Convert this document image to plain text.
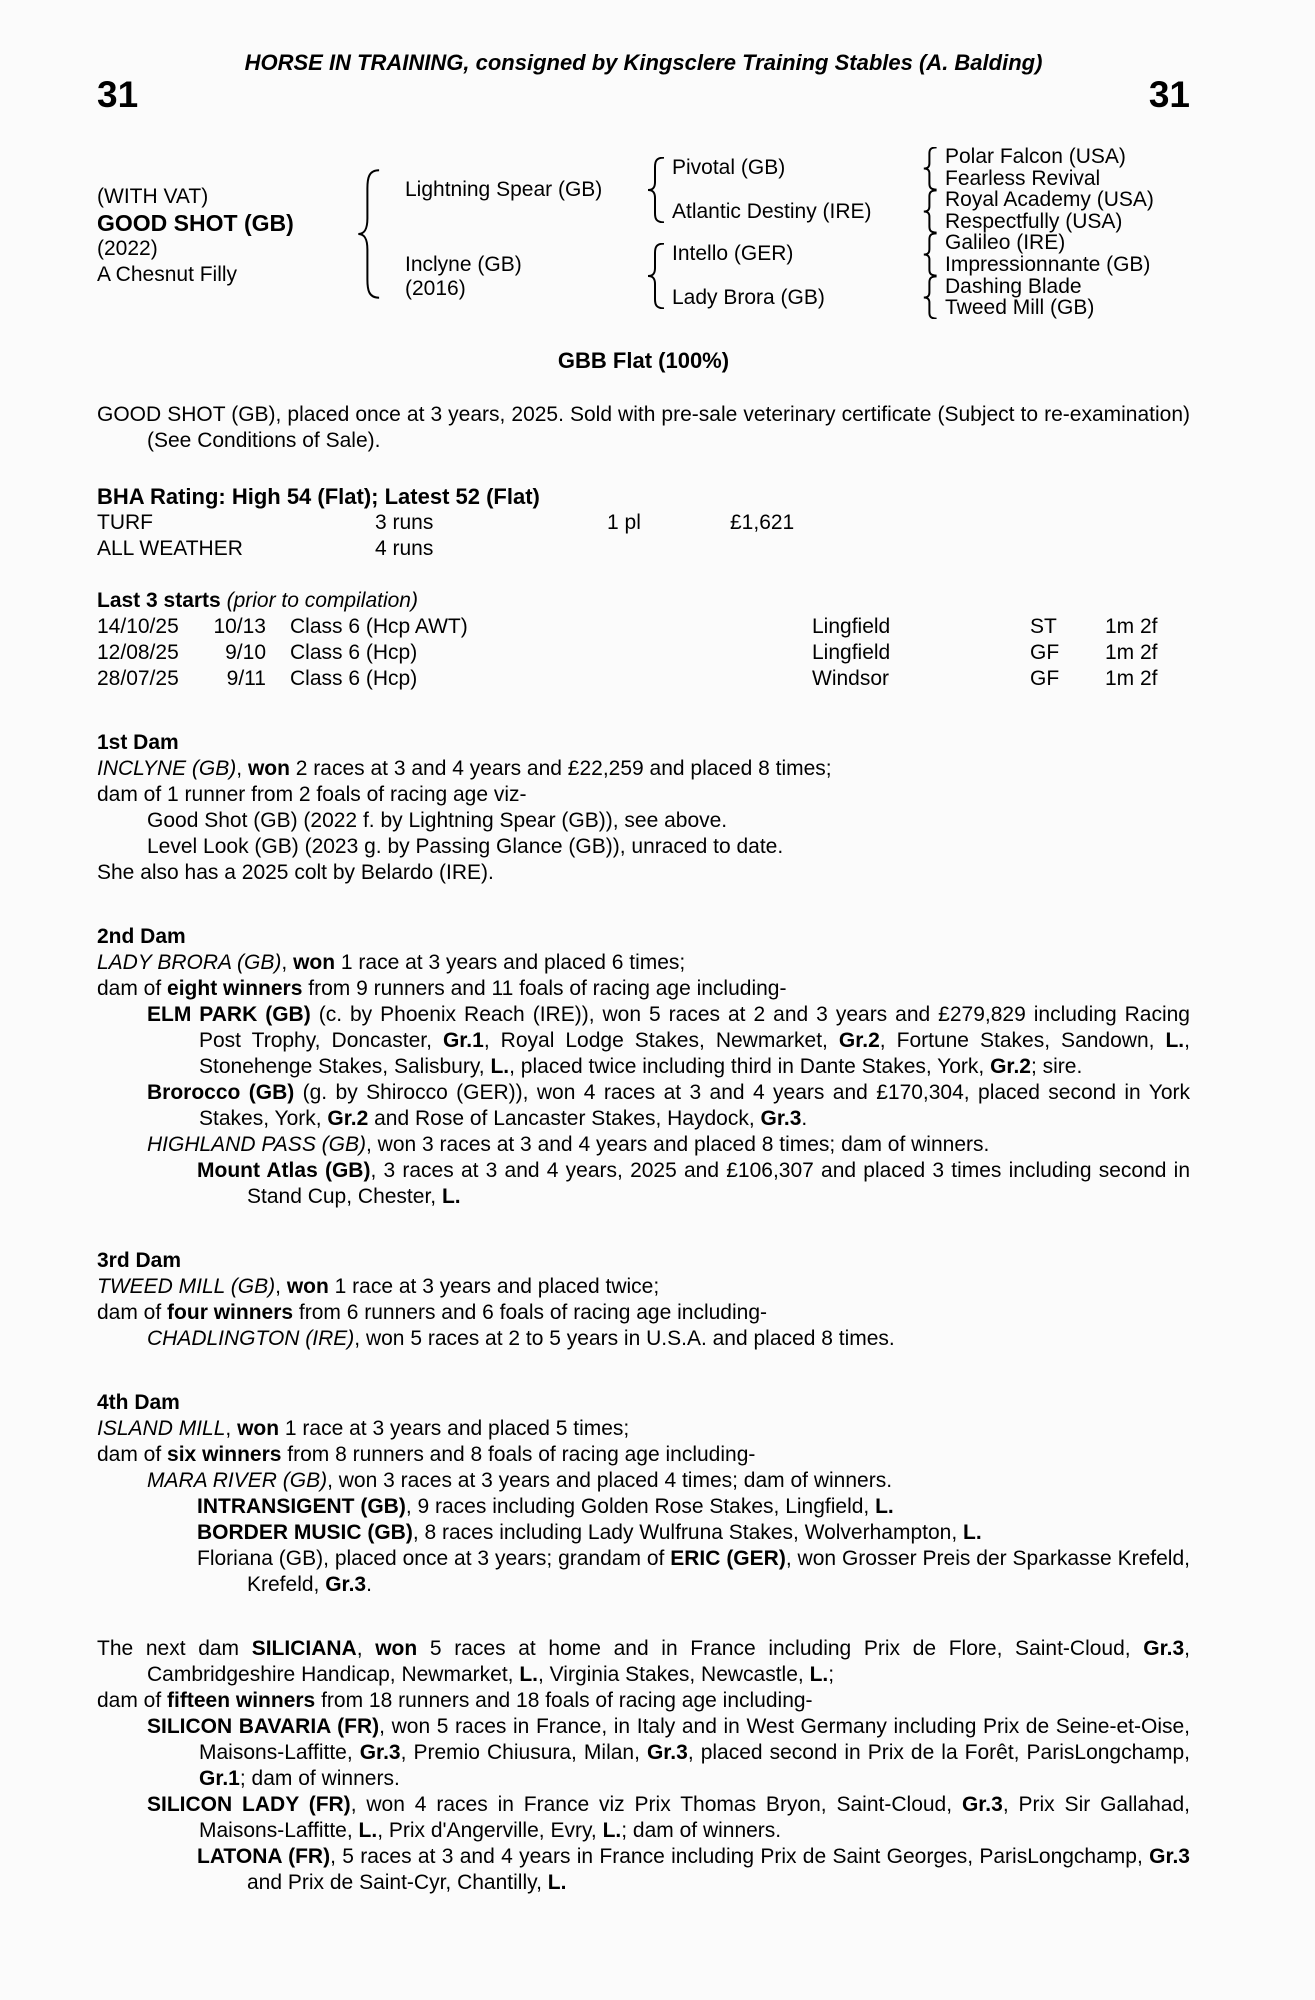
HORSE IN TRAINING, consigned by Kingsclere Training Stables (A. Balding)
31	31
(WITH VAT)
GOOD SHOT (GB)
(2022)
A Chesnut Filly
Lightning Spear (GB)
Inclyne (GB)
(2016)
Pivotal (GB)
Atlantic Destiny (IRE)
Intello (GER)
Lady Brora (GB)
Polar Falcon (USA)
Fearless Revival
Royal Academy (USA)
Respectfully (USA)
Galileo (IRE)
Impressionnante (GB)
Dashing Blade
Tweed Mill (GB)
GBB Flat (100%)

GOOD SHOT (GB), placed once at 3 years, 2025. Sold with pre-sale veterinary certificate (Subject to re-examination) (See Conditions of Sale).

BHA Rating: High 54 (Flat); Latest 52 (Flat)
TURF	3 runs	1 pl	£1,621
ALL WEATHER	4 runs
Last 3 starts (prior to compilation)
14/10/25	10/13	Class 6 (Hcp AWT)	Lingfield	ST	1m 2f
12/08/25	9/10	Class 6 (Hcp)	Lingfield	GF	1m 2f
28/07/25	9/11	Class 6 (Hcp)	Windsor	GF	1m 2f
1st Dam

INCLYNE (GB), won 2 races at 3 and 4 years and £22,259 and placed 8 times;

dam of 1 runner from 2 foals of racing age viz-

Good Shot (GB) (2022 f. by Lightning Spear (GB)), see above.

Level Look (GB) (2023 g. by Passing Glance (GB)), unraced to date.

She also has a 2025 colt by Belardo (IRE).

2nd Dam

LADY BRORA (GB), won 1 race at 3 years and placed 6 times;

dam of eight winners from 9 runners and 11 foals of racing age including-

ELM PARK (GB) (c. by Phoenix Reach (IRE)), won 5 races at 2 and 3 years and £279,829 including Racing Post Trophy, Doncaster, Gr.1, Royal Lodge Stakes, Newmarket, Gr.2, Fortune Stakes, Sandown, L., Stonehenge Stakes, Salisbury, L., placed twice including third in Dante Stakes, York, Gr.2; sire.

Brorocco (GB) (g. by Shirocco (GER)), won 4 races at 3 and 4 years and £170,304, placed second in York Stakes, York, Gr.2 and Rose of Lancaster Stakes, Haydock, Gr.3.

HIGHLAND PASS (GB), won 3 races at 3 and 4 years and placed 8 times; dam of winners.

Mount Atlas (GB), 3 races at 3 and 4 years, 2025 and £106,307 and placed 3 times including second in Stand Cup, Chester, L.

3rd Dam

TWEED MILL (GB), won 1 race at 3 years and placed twice;

dam of four winners from 6 runners and 6 foals of racing age including-

CHADLINGTON (IRE), won 5 races at 2 to 5 years in U.S.A. and placed 8 times.

4th Dam

ISLAND MILL, won 1 race at 3 years and placed 5 times;

dam of six winners from 8 runners and 8 foals of racing age including-

MARA RIVER (GB), won 3 races at 3 years and placed 4 times; dam of winners.

INTRANSIGENT (GB), 9 races including Golden Rose Stakes, Lingfield, L.

BORDER MUSIC (GB), 8 races including Lady Wulfruna Stakes, Wolverhampton, L.

Floriana (GB), placed once at 3 years; grandam of ERIC (GER), won Grosser Preis der Sparkasse Krefeld, Krefeld, Gr.3.

The next dam SILICIANA, won 5 races at home and in France including Prix de Flore, Saint-Cloud, Gr.3, Cambridgeshire Handicap, Newmarket, L., Virginia Stakes, Newcastle, L.;

dam of fifteen winners from 18 runners and 18 foals of racing age including-

SILICON BAVARIA (FR), won 5 races in France, in Italy and in West Germany including Prix de Seine-et-Oise, Maisons-Laffitte, Gr.3, Premio Chiusura, Milan, Gr.3, placed second in Prix de la Forêt, ParisLongchamp, Gr.1; dam of winners.

SILICON LADY (FR), won 4 races in France viz Prix Thomas Bryon, Saint-Cloud, Gr.3, Prix Sir Gallahad, Maisons-Laffitte, L., Prix d'Angerville, Evry, L.; dam of winners.

LATONA (FR), 5 races at 3 and 4 years in France including Prix de Saint Georges, ParisLongchamp, Gr.3 and Prix de Saint-Cyr, Chantilly, L.
